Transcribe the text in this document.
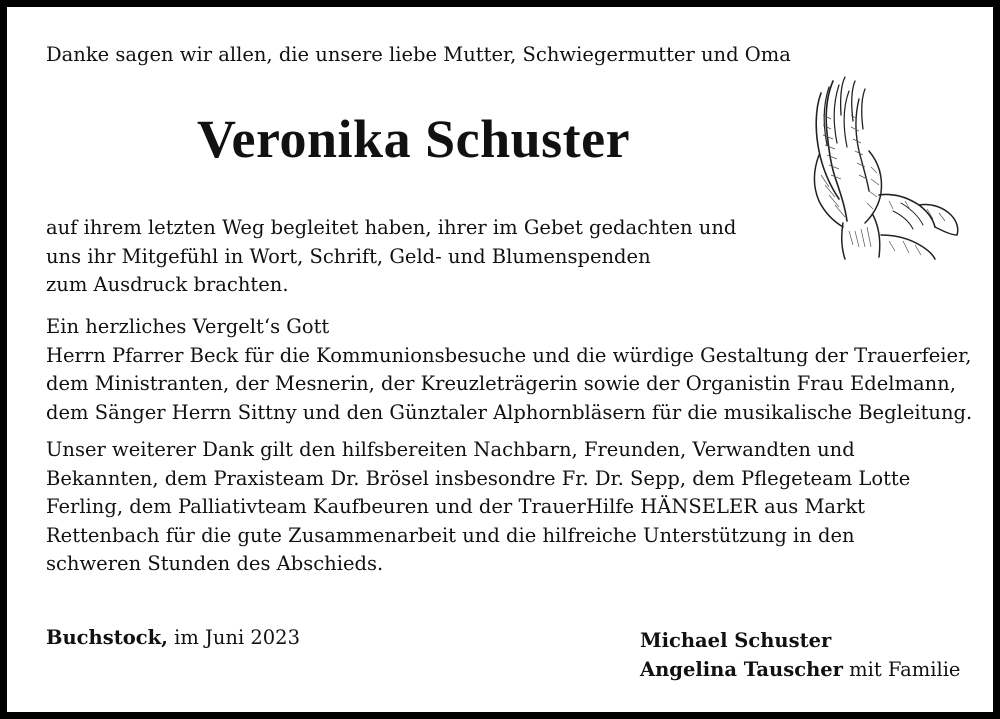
Danke sagen wir allen, die unsere liebe Mutter, Schwiegermutter und Oma

Veronika Schuster

auf ihrem letzten Weg begleitet haben, ihrer im Gebet gedachten und
uns ihr Mitgefühl in Wort, Schrift, Geld- und Blumenspenden
zum Ausdruck brachten.

Ein herzliches Vergelt‘s Gott
Herrn Pfarrer Beck für die Kommunionsbesuche und die würdige Gestaltung der Trauerfeier,
dem Ministranten, der Mesnerin, der Kreuzleträgerin sowie der Organistin Frau Edelmann,
dem Sänger Herrn Sittny und den Günztaler Alphornbläsern für die musikalische Begleitung.

Unser weiterer Dank gilt den hilfsbereiten Nachbarn, Freunden, Verwandten und
Bekannten, dem Praxisteam Dr. Brösel insbesondre Fr. Dr. Sepp, dem Pflegeteam Lotte
Ferling, dem Palliativteam Kaufbeuren und der TrauerHilfe HÄNSELER aus Markt
Rettenbach für die gute Zusammenarbeit und die hilfreiche Unterstützung in den
schweren Stunden des Abschieds.

Buchstock, im Juni 2023	Michael Schuster
Angelina Tauscher mit Familie
